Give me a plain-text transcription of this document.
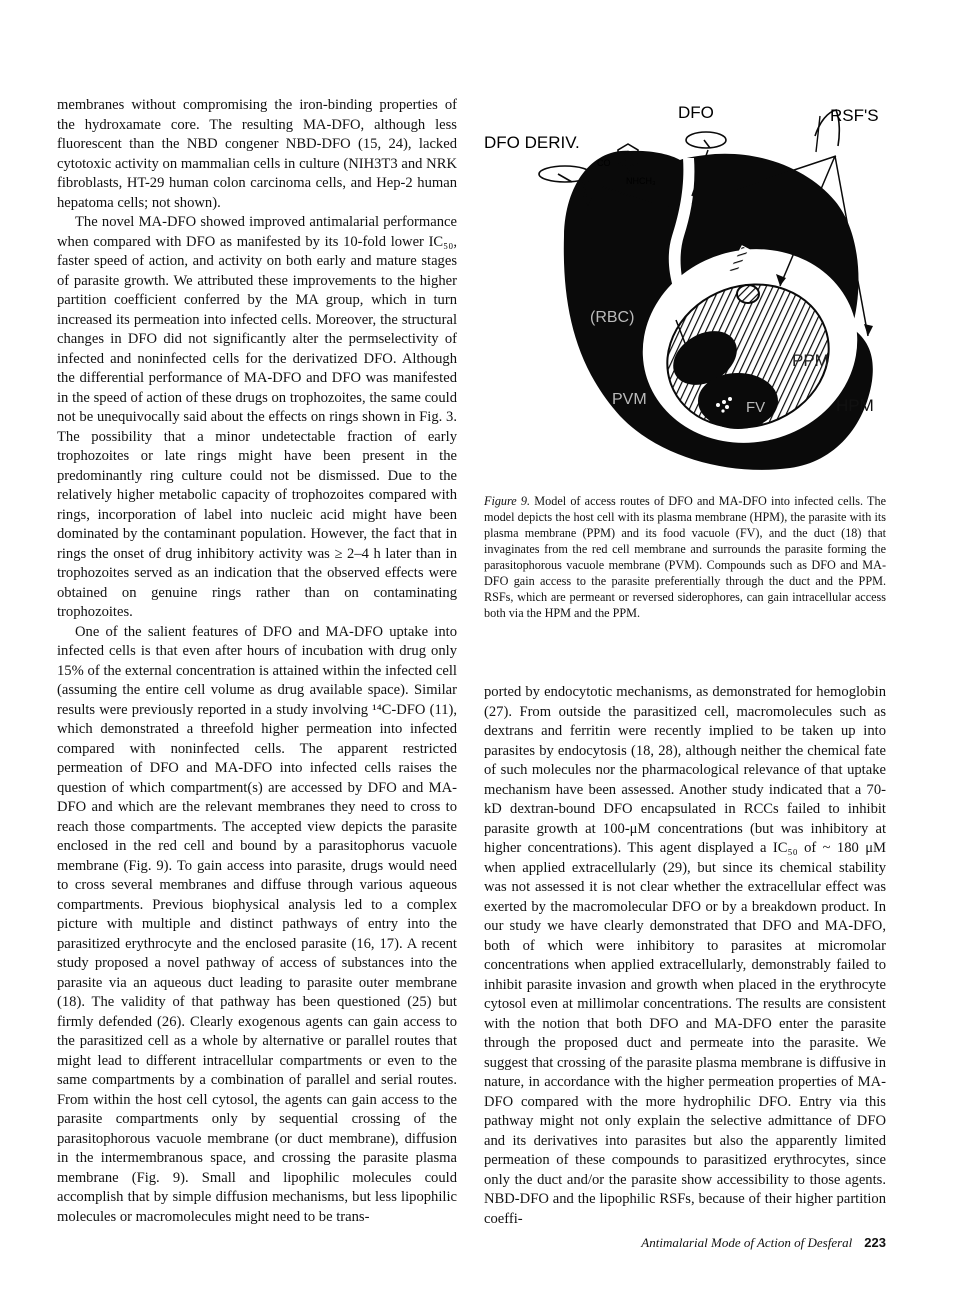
membranes without compromising the iron-binding properties of the hydroxamate core. The resulting MA-DFO, although less fluorescent than the NBD congener NBD-DFO (15, 24), lacked cytotoxic activity on mammalian cells in culture (NIH3T3 and NRK fibroblasts, HT-29 human colon carcinoma cells, and Hep-2 human hepatoma cells; not shown).

The novel MA-DFO showed improved antimalarial performance when compared with DFO as manifested by its 10-fold lower IC₅₀, faster speed of action, and activity on both early and mature stages of parasite growth. We attributed these improvements to the higher partition coefficient conferred by the MA group, which in turn increased its permeation into infected cells. Moreover, the structural changes in DFO did not significantly alter the permselectivity of infected and noninfected cells for the derivatized DFO. Although the differential performance of MA-DFO and DFO was manifested in the speed of action of these drugs on trophozoites, the same could not be unequivocally said about the effects on rings shown in Fig. 3. The possibility that a minor undetectable fraction of early trophozoites or late rings might have been present in the predominantly ring culture could not be dismissed. Due to the relatively higher metabolic capacity of trophozoites compared with rings, incorporation of label into nucleic acid might have been dominated by the contaminant population. However, the fact that in rings the onset of drug inhibitory activity was ≥ 2–4 h later than in trophozoites served as an indication that the observed effects were obtained on genuine rings rather than on contaminating trophozoites.

One of the salient features of DFO and MA-DFO uptake into infected cells is that even after hours of incubation with drug only 15% of the external concentration is attained within the infected cell (assuming the entire cell volume as drug available space). Similar results were previously reported in a study involving ¹⁴C-DFO (11), which demonstrated a threefold higher permeation into infected compared with noninfected cells. The apparent restricted permeation of DFO and MA-DFO into infected cells raises the question of which compartment(s) are accessed by DFO and MA-DFO and which are the relevant membranes they need to cross to reach those compartments. The accepted view depicts the parasite enclosed in the red cell and bound by a parasitophorus vacuole membrane (Fig. 9). To gain access into parasite, drugs would need to cross several membranes and diffuse through various aqueous compartments. Previous biophysical analysis led to a complex picture with multiple and distinct pathways of entry into the parasitized erythrocyte and the enclosed parasite (16, 17). A recent study proposed a novel pathway of access of substances into the parasite via an aqueous duct leading to parasite outer membrane (18). The validity of that pathway has been questioned (25) but firmly defended (26). Clearly exogenous agents can gain access to the parasitized cell as a whole by alternative or parallel routes that might lead to different intracellular compartments or even to the same compartments by a combination of parallel and serial routes. From within the host cell cytosol, the agents can gain access to the parasite compartments only by sequential crossing of the parasitophorous vacuole membrane (or duct membrane), diffusion in the intermembranous space, and crossing the parasite plasma membrane (Fig. 9). Small and lipophilic molecules could accomplish that by simple diffusion mechanisms, but less lipophilic molecules or macromolecules might need to be trans-

DFO	RSF'S
DFO DERIV.
CO
NHCH₃
(RBC)
PPM
PVM	FV	HPM
Figure 9. Model of access routes of DFO and MA-DFO into infected cells. The model depicts the host cell with its plasma membrane (HPM), the parasite with its plasma membrane (PPM) and its food vacuole (FV), and the duct (18) that invaginates from the red cell membrane and surrounds the parasite forming the parasitophorous vacuole membrane (PVM). Compounds such as DFO and MA-DFO gain access to the parasite preferentially through the duct and the PPM. RSFs, which are permeant or reversed siderophores, can gain intracellular access both via the HPM and the PPM.

ported by endocytotic mechanisms, as demonstrated for hemoglobin (27). From outside the parasitized cell, macromolecules such as dextrans and ferritin were recently implied to be taken up into parasites by endocytosis (18, 28), although neither the chemical fate of such molecules nor the pharmacological relevance of that uptake mechanism have been assessed. Another study indicated that a 70-kD dextran-bound DFO encapsulated in RCCs failed to inhibit parasite growth at 100-μM concentrations (but was inhibitory at higher concentrations). This agent displayed a IC₅₀ of ~ 180 μM when applied extracellularly (29), but since its chemical stability was not assessed it is not clear whether the extracellular effect was exerted by the macromolecular DFO or by a breakdown product. In our study we have clearly demonstrated that DFO and MA-DFO, both of which were inhibitory to parasites at micromolar concentrations when applied extracellularly, demonstrably failed to inhibit parasite invasion and growth when placed in the erythrocyte cytosol even at millimolar concentrations. The results are consistent with the notion that both DFO and MA-DFO enter the parasite through the proposed duct and permeate into the parasite. We suggest that crossing of the parasite plasma membrane is diffusive in nature, in accordance with the higher permeation properties of MA-DFO compared with the more hydrophilic DFO. Entry via this pathway might not only explain the selective admittance of DFO and its derivatives into parasites but also the apparently limited permeation of these compounds to parasitized erythrocytes, since only the duct and/or the parasite show accessibility to those agents. NBD-DFO and the lipophilic RSFs, because of their higher partition coeffi-

Antimalarial Mode of Action of Desferal 223
